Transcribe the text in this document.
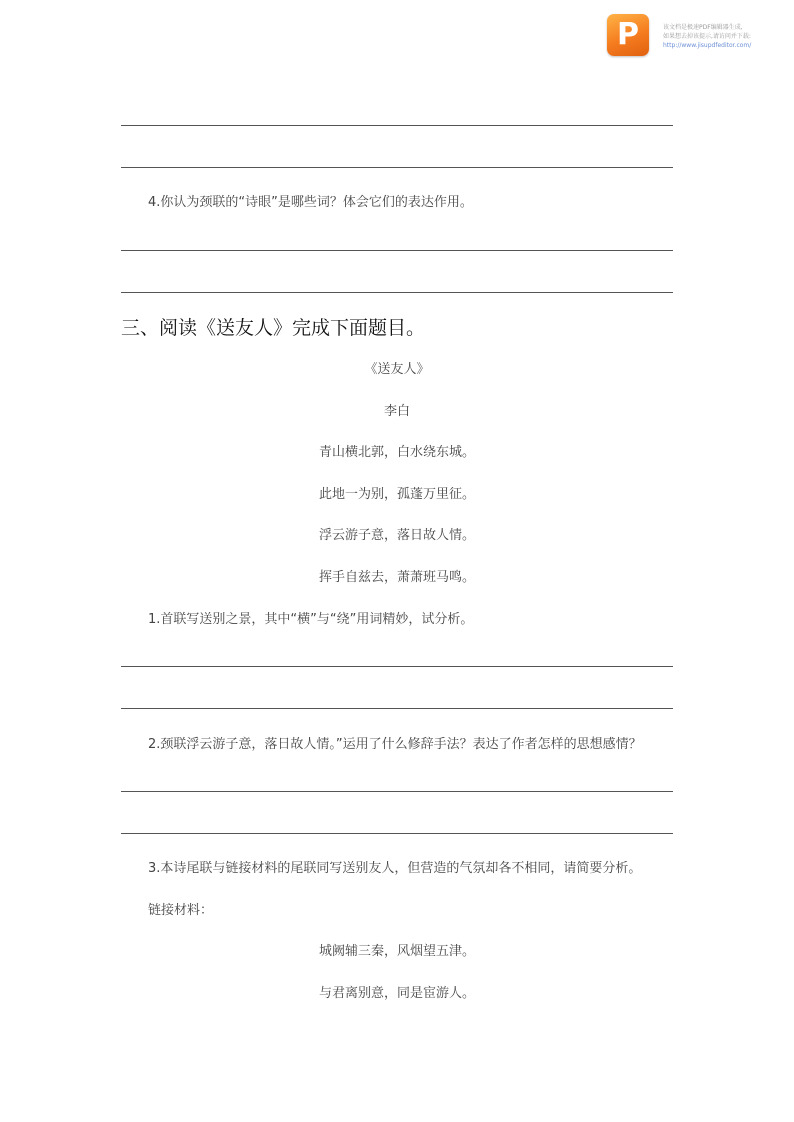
P	该文档是极速PDF编辑器生成,
如果想去掉该提示,请访问并下载:
http://www.jisupdfeditor.com/
4.你认为颈联的“诗眼”是哪些词？体会它们的表达作用。
三、阅读《送友人》完成下面题目。
《送友人》
李白
青山横北郭，白水绕东城。
此地一为别，孤蓬万里征。
浮云游子意，落日故人情。
挥手自兹去，萧萧班马鸣。
1.首联写送别之景，其中“横”与“绕”用词精妙，试分析。
2.颈联浮云游子意，落日故人情。”运用了什么修辞手法？表达了作者怎样的思想感情？
3.本诗尾联与链接材料的尾联同写送别友人，但营造的气氛却各不相同，请简要分析。
链接材料：
城阙辅三秦，风烟望五津。
与君离别意，同是宦游人。
